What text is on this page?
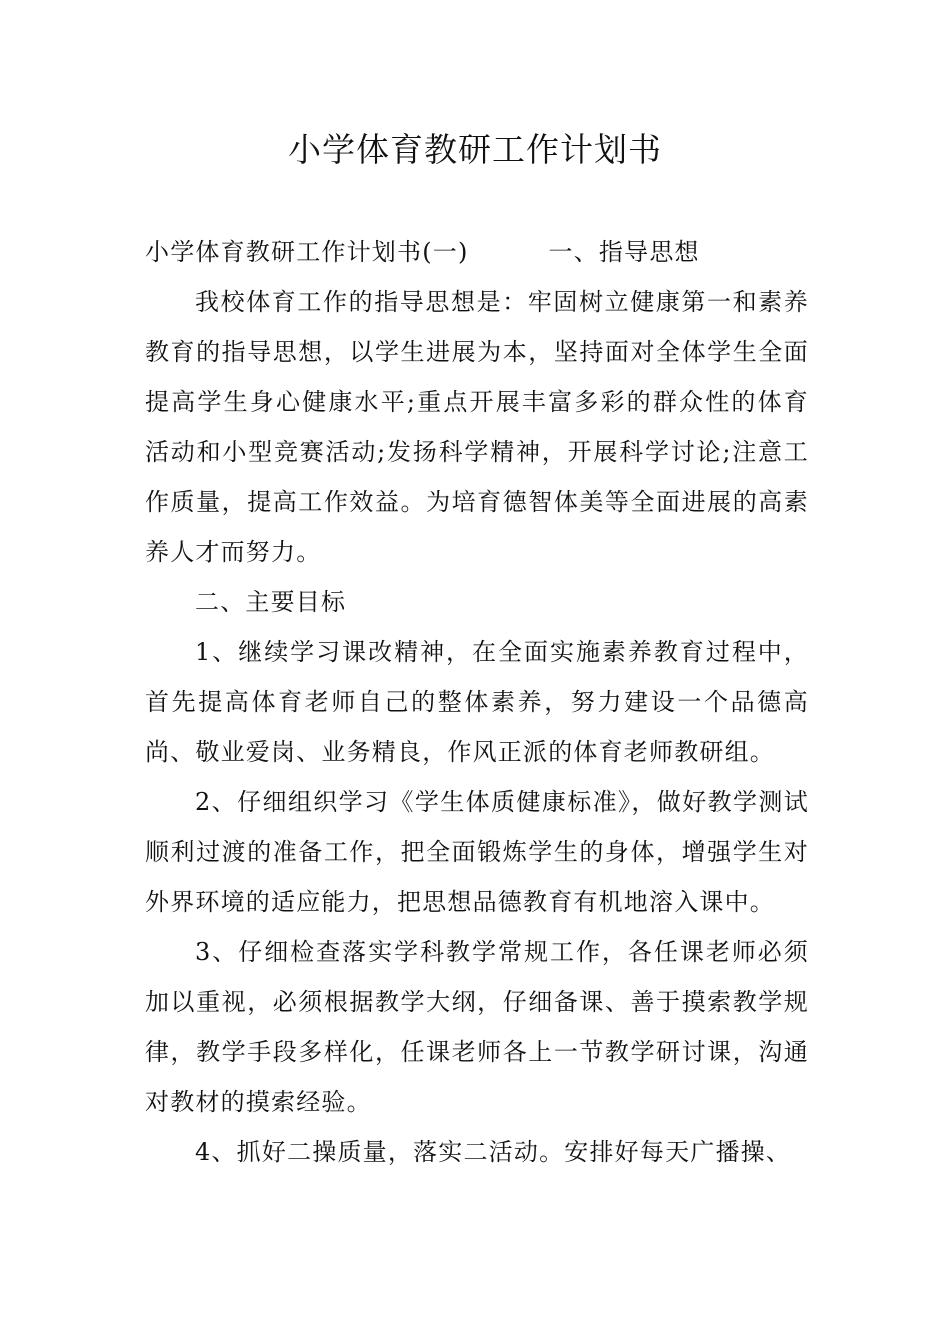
小学体育教研工作计划书

小学体育教研工作计划书(一)	一、指导思想

我校体育工作的指导思想是：牢固树立健康第一和素养教育的指导思想，以学生进展为本，坚持面对全体学生全面提高学生身心健康水平;重点开展丰富多彩的群众性的体育活动和小型竞赛活动;发扬科学精神，开展科学讨论;注意工作质量，提高工作效益。为培育德智体美等全面进展的高素养人才而努力。

二、主要目标

1、继续学习课改精神，在全面实施素养教育过程中，首先提高体育老师自己的整体素养，努力建设一个品德高尚、敬业爱岗、业务精良，作风正派的体育老师教研组。

2、仔细组织学习《学生体质健康标准》，做好教学测试顺利过渡的准备工作，把全面锻炼学生的身体，增强学生对外界环境的适应能力，把思想品德教育有机地溶入课中。

3、仔细检查落实学科教学常规工作，各任课老师必须加以重视，必须根据教学大纲，仔细备课、善于摸索教学规律，教学手段多样化，任课老师各上一节教学研讨课，沟通对教材的摸索经验。

4、抓好二操质量，落实二活动。安排好每天广播操、
